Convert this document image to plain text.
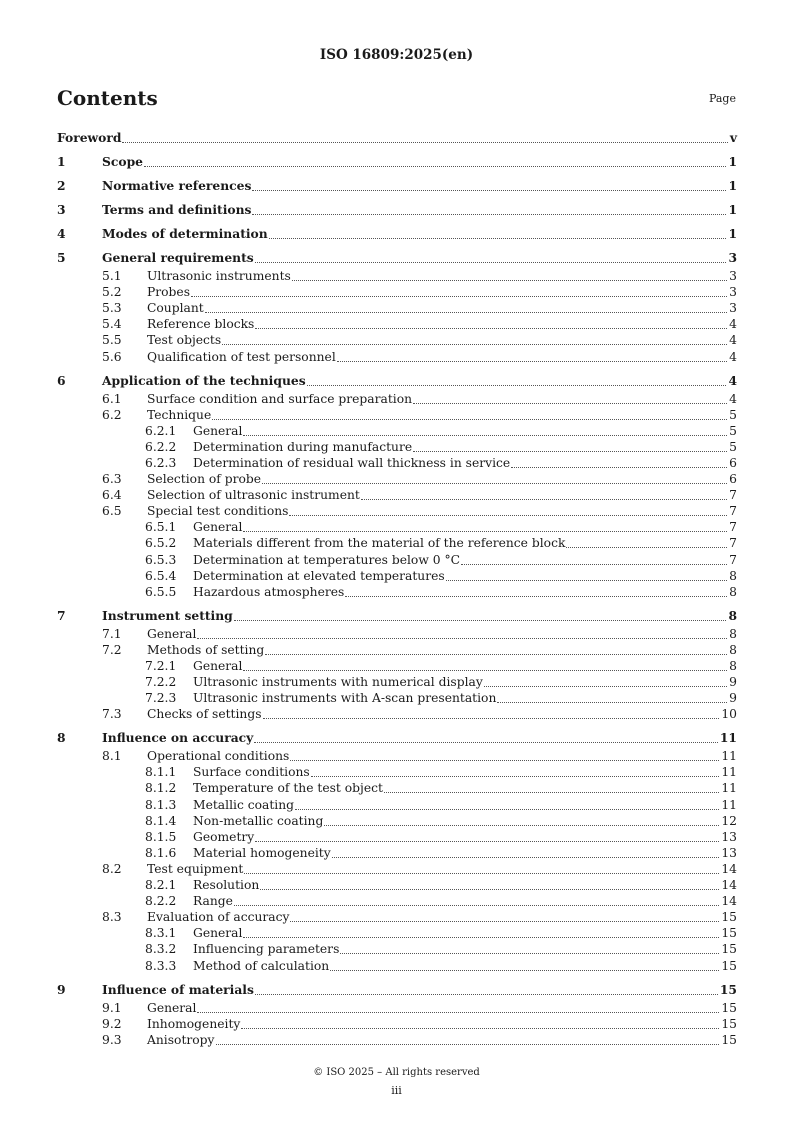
ISO 16809:2025(en)
Contents	Page
Foreword	v
1	Scope	1
2	Normative references	1
3	Terms and definitions	1
4	Modes of determination	1
5	General requirements	3
5.1	Ultrasonic instruments	3
5.2	Probes	3
5.3	Couplant	3
5.4	Reference blocks	4
5.5	Test objects	4
5.6	Qualification of test personnel	4
6	Application of the techniques	4
6.1	Surface condition and surface preparation	4
6.2	Technique	5
6.2.1	General	5
6.2.2	Determination during manufacture	5
6.2.3	Determination of residual wall thickness in service	6
6.3	Selection of probe	6
6.4	Selection of ultrasonic instrument	7
6.5	Special test conditions	7
6.5.1	General	7
6.5.2	Materials different from the material of the reference block	7
6.5.3	Determination at temperatures below 0 °C	7
6.5.4	Determination at elevated temperatures	8
6.5.5	Hazardous atmospheres	8
7	Instrument setting	8
7.1	General	8
7.2	Methods of setting	8
7.2.1	General	8
7.2.2	Ultrasonic instruments with numerical display	9
7.2.3	Ultrasonic instruments with A-scan presentation	9
7.3	Checks of settings	10
8	Influence on accuracy	11
8.1	Operational conditions	11
8.1.1	Surface conditions	11
8.1.2	Temperature of the test object	11
8.1.3	Metallic coating	11
8.1.4	Non-metallic coating	12
8.1.5	Geometry	13
8.1.6	Material homogeneity	13
8.2	Test equipment	14
8.2.1	Resolution	14
8.2.2	Range	14
8.3	Evaluation of accuracy	15
8.3.1	General	15
8.3.2	Influencing parameters	15
8.3.3	Method of calculation	15
9	Influence of materials	15
9.1	General	15
9.2	Inhomogeneity	15
9.3	Anisotropy	15
© ISO 2025 – All rights reserved
iii
